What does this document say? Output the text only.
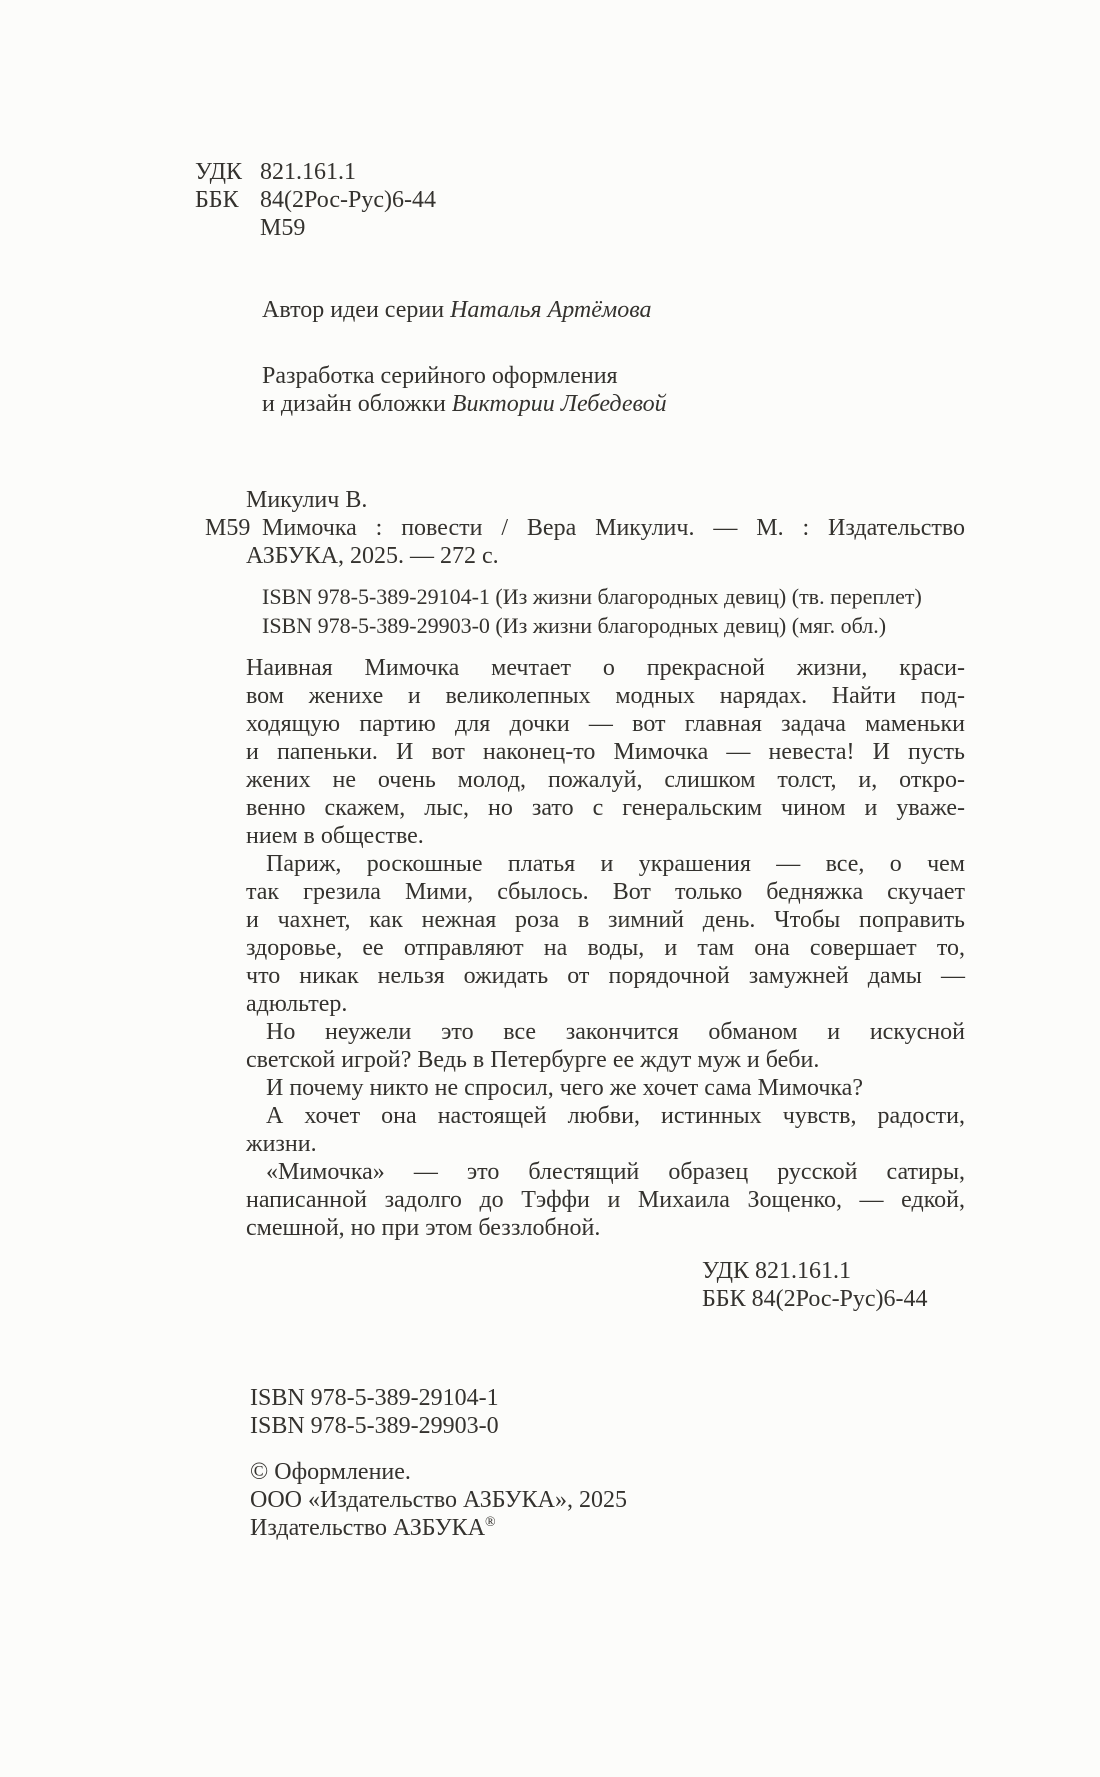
УДК 821.161.1
ББК 84(2Рос-Рус)6-44
М59
Автор идеи серии Наталья Артёмова
Разработка серийного оформления
и дизайн обложки Виктории Лебедевой
Микулич В.
М59 Мимочка : повести / Вера Микулич. — М. : Издательство
АЗБУКА, 2025. — 272 с.
ISBN 978-5-389-29104-1 (Из жизни благородных девиц) (тв. переплет)
ISBN 978-5-389-29903-0 (Из жизни благородных девиц) (мяг. обл.)
Наивная Мимочка мечтает о прекрасной жизни, краси-
вом женихе и великолепных модных нарядах. Найти под-
ходящую партию для дочки — вот главная задача маменьки
и папеньки. И вот наконец-то Мимочка — невеста! И пусть
жених не очень молод, пожалуй, слишком толст, и, откро-
венно скажем, лыс, но зато с генеральским чином и уваже-
нием в обществе.
Париж, роскошные платья и украшения — все, о чем
так грезила Мими, сбылось. Вот только бедняжка скучает
и чахнет, как нежная роза в зимний день. Чтобы поправить
здоровье, ее отправляют на воды, и там она совершает то,
что никак нельзя ожидать от порядочной замужней дамы —
адюльтер.
Но неужели это все закончится обманом и искусной
светской игрой? Ведь в Петербурге ее ждут муж и беби.
И почему никто не спросил, чего же хочет сама Мимочка?
А хочет она настоящей любви, истинных чувств, радости,
жизни.
«Мимочка» — это блестящий образец русской сатиры,
написанной задолго до Тэффи и Михаила Зощенко, — едкой,
смешной, но при этом беззлобной.
УДК 821.161.1
ББК 84(2Рос-Рус)6-44
ISBN 978-5-389-29104-1
ISBN 978-5-389-29903-0
© Оформление.
ООО «Издательство АЗБУКА», 2025
Издательство АЗБУКА®
